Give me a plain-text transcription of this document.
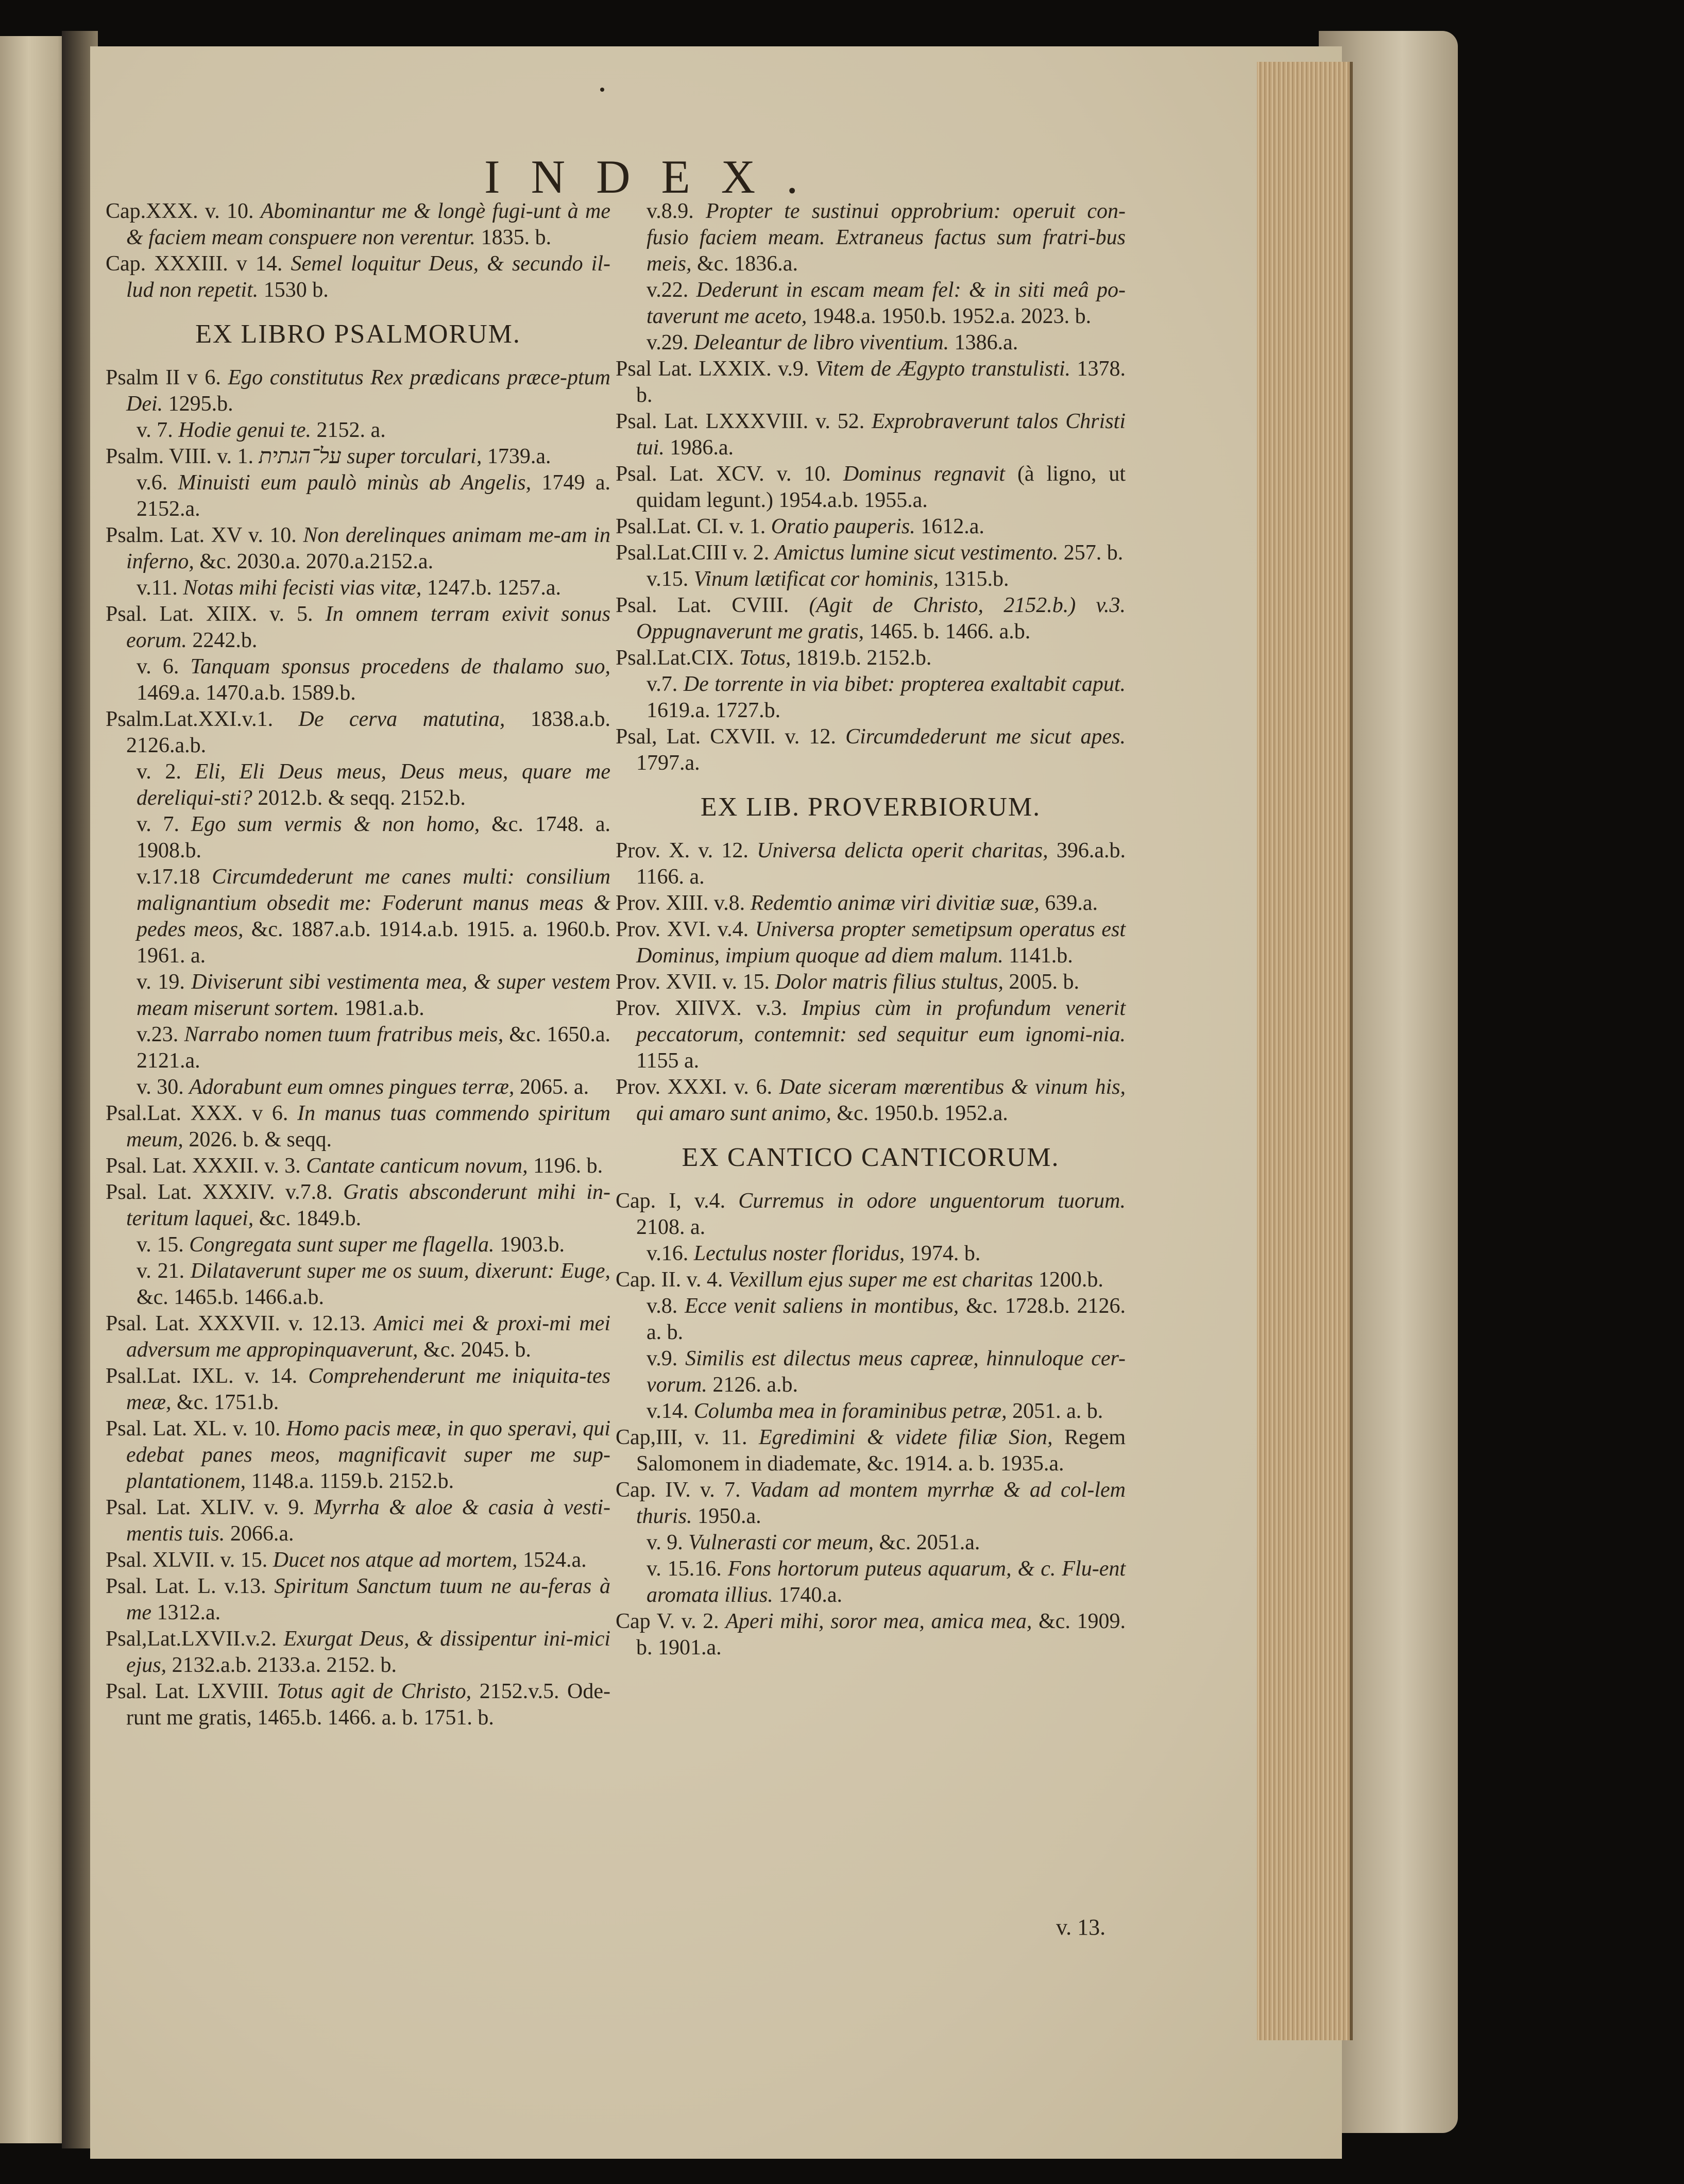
INDEX.
Cap.XXX. v. 10. Abominantur me & longè fugi-unt à me & faciem meam conspuere non verentur. 1835. b.
Cap. XXXIII. v 14. Semel loquitur Deus, & secundo il-lud non repetit. 1530 b.
EX LIBRO PSALMORUM.
Psalm II v 6. Ego constitutus Rex prædicans præce-ptum Dei. 1295.b.
v. 7. Hodie genui te. 2152. a.
Psalm. VIII. v. 1. על־הגתית super torculari, 1739.a.
v.6. Minuisti eum paulò minùs ab Angelis, 1749 a. 2152.a.
Psalm. Lat. XV v. 10. Non derelinques animam me-am in inferno, &c. 2030.a. 2070.a.2152.a.
v.11. Notas mihi fecisti vias vitæ, 1247.b. 1257.a.
Psal. Lat. XIIX. v. 5. In omnem terram exivit sonus eorum. 2242.b.
v. 6. Tanquam sponsus procedens de thalamo suo, 1469.a. 1470.a.b. 1589.b.
Psalm.Lat.XXI.v.1. De cerva matutina, 1838.a.b. 2126.a.b.
v. 2. Eli, Eli Deus meus, Deus meus, quare me dereliqui-sti? 2012.b. & seqq. 2152.b.
v. 7. Ego sum vermis & non homo, &c. 1748. a. 1908.b.
v.17.18 Circumdederunt me canes multi: consilium malignantium obsedit me: Foderunt manus meas & pedes meos, &c. 1887.a.b. 1914.a.b. 1915. a. 1960.b. 1961. a.
v. 19. Diviserunt sibi vestimenta mea, & super vestem meam miserunt sortem. 1981.a.b.
v.23. Narrabo nomen tuum fratribus meis, &c. 1650.a. 2121.a.
v. 30. Adorabunt eum omnes pingues terræ, 2065. a.
Psal.Lat. XXX. v 6. In manus tuas commendo spiritum meum, 2026. b. & seqq.
Psal. Lat. XXXII. v. 3. Cantate canticum novum, 1196. b.
Psal. Lat. XXXIV. v.7.8. Gratis absconderunt mihi in-teritum laquei, &c. 1849.b.
v. 15. Congregata sunt super me flagella. 1903.b.
v. 21. Dilataverunt super me os suum, dixerunt: Euge, &c. 1465.b. 1466.a.b.
Psal. Lat. XXXVII. v. 12.13. Amici mei & proxi-mi mei adversum me appropinquaverunt, &c. 2045. b.
Psal.Lat. IXL. v. 14. Comprehenderunt me iniquita-tes meæ, &c. 1751.b.
Psal. Lat. XL. v. 10. Homo pacis meæ, in quo speravi, qui edebat panes meos, magnificavit super me sup-plantationem, 1148.a. 1159.b. 2152.b.
Psal. Lat. XLIV. v. 9. Myrrha & aloe & casia à vesti-mentis tuis. 2066.a.
Psal. XLVII. v. 15. Ducet nos atque ad mortem, 1524.a.
Psal. Lat. L. v.13. Spiritum Sanctum tuum ne au-feras à me 1312.a.
Psal,Lat.LXVII.v.2. Exurgat Deus, & dissipentur ini-mici ejus, 2132.a.b. 2133.a. 2152. b.
Psal. Lat. LXVIII. Totus agit de Christo, 2152.v.5. Ode-runt me gratis, 1465.b. 1466. a. b. 1751. b.
v.8.9. Propter te sustinui opprobrium: operuit con-fusio faciem meam. Extraneus factus sum fratri-bus meis, &c. 1836.a.
v.22. Dederunt in escam meam fel: & in siti meâ po-taverunt me aceto, 1948.a. 1950.b. 1952.a. 2023. b.
v.29. Deleantur de libro viventium. 1386.a.
Psal Lat. LXXIX. v.9. Vitem de Ægypto transtulisti. 1378. b.
Psal. Lat. LXXXVIII. v. 52. Exprobraverunt talos Christi tui. 1986.a.
Psal. Lat. XCV. v. 10. Dominus regnavit (à ligno, ut quidam legunt.) 1954.a.b. 1955.a.
Psal.Lat. CI. v. 1. Oratio pauperis. 1612.a.
Psal.Lat.CIII v. 2. Amictus lumine sicut vestimento. 257. b.
v.15. Vinum lætificat cor hominis, 1315.b.
Psal. Lat. CVIII. (Agit de Christo, 2152.b.) v.3. Oppugnaverunt me gratis, 1465. b. 1466. a.b.
Psal.Lat.CIX. Totus, 1819.b. 2152.b.
v.7. De torrente in via bibet: propterea exaltabit caput. 1619.a. 1727.b.
Psal, Lat. CXVII. v. 12. Circumdederunt me sicut apes. 1797.a.
EX LIB. PROVERBIORUM.
Prov. X. v. 12. Universa delicta operit charitas, 396.a.b. 1166. a.
Prov. XIII. v.8. Redemtio animæ viri divitiæ suæ, 639.a.
Prov. XVI. v.4. Universa propter semetipsum operatus est Dominus, impium quoque ad diem malum. 1141.b.
Prov. XVII. v. 15. Dolor matris filius stultus, 2005. b.
Prov. XIIVX. v.3. Impius cùm in profundum venerit peccatorum, contemnit: sed sequitur eum ignomi-nia. 1155 a.
Prov. XXXI. v. 6. Date siceram mœrentibus & vinum his, qui amaro sunt animo, &c. 1950.b. 1952.a.
EX CANTICO CANTICORUM.
Cap. I, v.4. Curremus in odore unguentorum tuorum. 2108. a.
v.16. Lectulus noster floridus, 1974. b.
Cap. II. v. 4. Vexillum ejus super me est charitas 1200.b.
v.8. Ecce venit saliens in montibus, &c. 1728.b. 2126. a. b.
v.9. Similis est dilectus meus capreæ, hinnuloque cer-vorum. 2126. a.b.
v.14. Columba mea in foraminibus petræ, 2051. a. b.
Cap,III, v. 11. Egredimini & videte filiæ Sion, Regem Salomonem in diademate, &c. 1914. a. b. 1935.a.
Cap. IV. v. 7. Vadam ad montem myrrhæ & ad col-lem thuris. 1950.a.
v. 9. Vulnerasti cor meum, &c. 2051.a.
v. 15.16. Fons hortorum puteus aquarum, & c. Flu-ent aromata illius. 1740.a.
Cap V. v. 2. Aperi mihi, soror mea, amica mea, &c. 1909. b. 1901.a.
v. 13.
